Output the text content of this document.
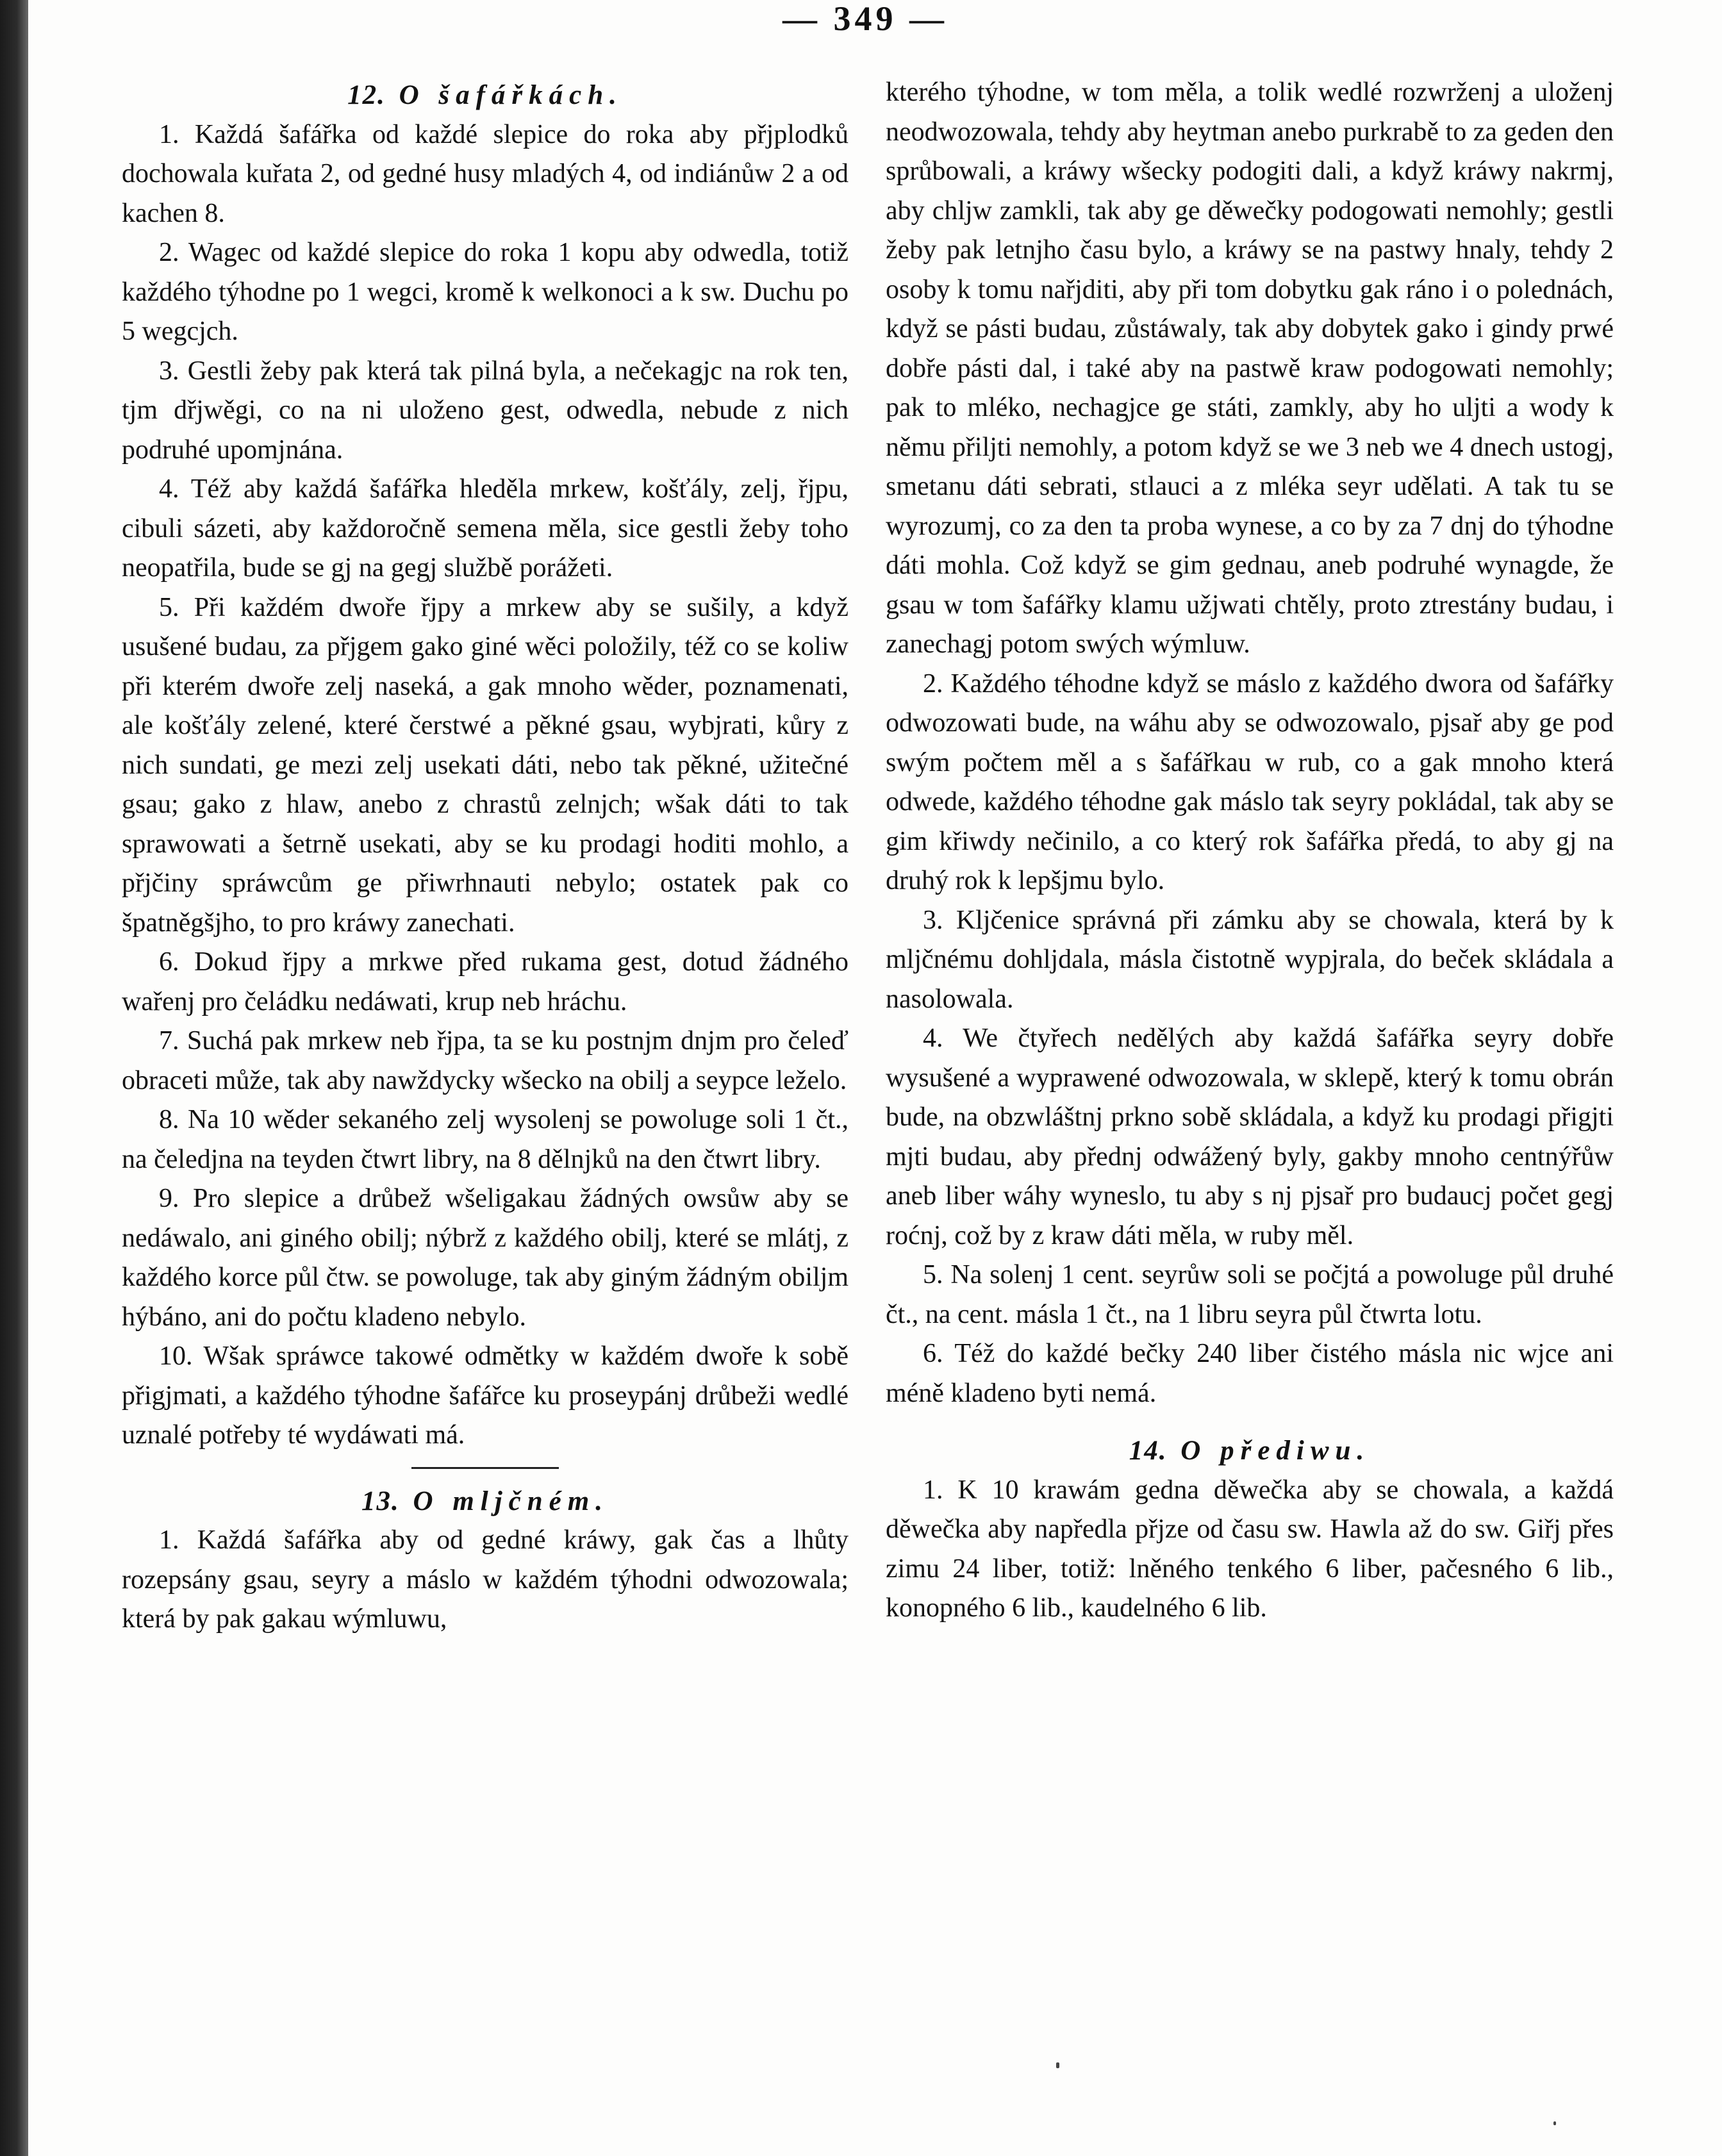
— 349 —

12. O šafářkách.

1. Každá šafářka od každé slepice do roka aby přjplodků dochowala kuřata 2, od gedné husy mladých 4, od indiánůw 2 a od kachen 8.

2. Wagec od každé slepice do roka 1 kopu aby odwedla, totiž každého týhodne po 1 wegci, kromě k welkonoci a k sw. Duchu po 5 wegcjch.

3. Gestli žeby pak která tak pilná byla, a nečekagjc na rok ten, tjm dřjwěgi, co na ni uloženo gest, odwedla, nebude z nich podruhé upomjnána.

4. Též aby každá šafářka hleděla mrkew, košťály, zelj, řjpu, cibuli sázeti, aby každoročně semena měla, sice gestli žeby toho neopatřila, bude se gj na gegj službě porážeti.

5. Při každém dwoře řjpy a mrkew aby se sušily, a když usušené budau, za přjgem gako giné wěci položily, též co se koliw při kterém dwoře zelj naseká, a gak mnoho wěder, poznamenati, ale košťály zelené, které čerstwé a pěkné gsau, wybjrati, kůry z nich sundati, ge mezi zelj usekati dáti, nebo tak pěkné, užitečné gsau; gako z hlaw, anebo z chrastů zelnjch; wšak dáti to tak sprawowati a šetrně usekati, aby se ku prodagi hoditi mohlo, a přjčiny spráwcům ge přiwrhnauti nebylo; ostatek pak co špatněgšjho, to pro kráwy zanechati.

6. Dokud řjpy a mrkwe před rukama gest, dotud žádného wařenj pro čeládku nedáwati, krup neb hráchu.

7. Suchá pak mrkew neb řjpa, ta se ku postnjm dnjm pro čeleď obraceti může, tak aby nawždycky wšecko na obilj a seypce leželo.

8. Na 10 wěder sekaného zelj wysolenj se powoluge soli 1 čt., na čeledjna na teyden čtwrt libry, na 8 dělnjků na den čtwrt libry.

9. Pro slepice a drůbež wšeligakau žádných owsůw aby se nedáwalo, ani giného obilj; nýbrž z každého obilj, které se mlátj, z každého korce půl čtw. se powoluge, tak aby giným žádným obiljm hýbáno, ani do počtu kladeno nebylo.

10. Wšak spráwce takowé odmětky w každém dwoře k sobě přigjmati, a každého týhodne šafářce ku proseypánj drůbeži wedlé uznalé potřeby té wydáwati má.

13. O mljčném.

1. Každá šafářka aby od gedné kráwy, gak čas a lhůty rozepsány gsau, seyry a máslo w každém týhodni odwozowala; která by pak gakau wýmluwu,

kterého týhodne, w tom měla, a tolik wedlé rozwrženj a uloženj neodwozowala, tehdy aby heytman anebo purkrabě to za geden den sprůbowali, a kráwy wšecky podogiti dali, a když kráwy nakrmj, aby chljw zamkli, tak aby ge děwečky podogowati nemohly; gestli žeby pak letnjho času bylo, a kráwy se na pastwy hnaly, tehdy 2 osoby k tomu nařjditi, aby při tom dobytku gak ráno i o polednách, když se pásti budau, zůstáwaly, tak aby dobytek gako i gindy prwé dobře pásti dal, i také aby na pastwě kraw podogowati nemohly; pak to mléko, nechagjce ge státi, zamkly, aby ho uljti a wody k němu přiljti nemohly, a potom když se we 3 neb we 4 dnech ustogj, smetanu dáti sebrati, stlauci a z mléka seyr udělati. A tak tu se wyrozumj, co za den ta proba wynese, a co by za 7 dnj do týhodne dáti mohla. Což když se gim gednau, aneb podruhé wynagde, že gsau w tom šafářky klamu užjwati chtěly, proto ztrestány budau, i zanechagj potom swých wýmluw.

2. Každého téhodne když se máslo z každého dwora od šafářky odwozowati bude, na wáhu aby se odwozowalo, pjsař aby ge pod swým počtem měl a s šafářkau w rub, co a gak mnoho která odwede, každého téhodne gak máslo tak seyry pokládal, tak aby se gim křiwdy nečinilo, a co který rok šafářka předá, to aby gj na druhý rok k lepšjmu bylo.

3. Kljčenice správná při zámku aby se chowala, která by k mljčnému dohljdala, másla čistotně wypjrala, do beček skládala a nasolowala.

4. We čtyřech nedělých aby každá šafářka seyry dobře wysušené a wyprawené odwozowala, w sklepě, který k tomu obrán bude, na obzwláštnj prkno sobě skládala, a když ku prodagi přigjti mjti budau, aby přednj odwážený byly, gakby mnoho centnýřůw aneb liber wáhy wyneslo, tu aby s nj pjsař pro budaucj počet gegj roćnj, což by z kraw dáti měla, w ruby měl.

5. Na solenj 1 cent. seyrůw soli se počjtá a powoluge půl druhé čt., na cent. másla 1 čt., na 1 libru seyra půl čtwrta lotu.

6. Též do každé bečky 240 liber čistého másla nic wjce ani méně kladeno byti nemá.

14. O přediwu.

1. K 10 krawám gedna děwečka aby se chowala, a každá děwečka aby napředla přjze od času sw. Hawla až do sw. Giřj přes zimu 24 liber, totiž: lněného tenkého 6 liber, pačesného 6 lib., konopného 6 lib., kaudelného 6 lib.
